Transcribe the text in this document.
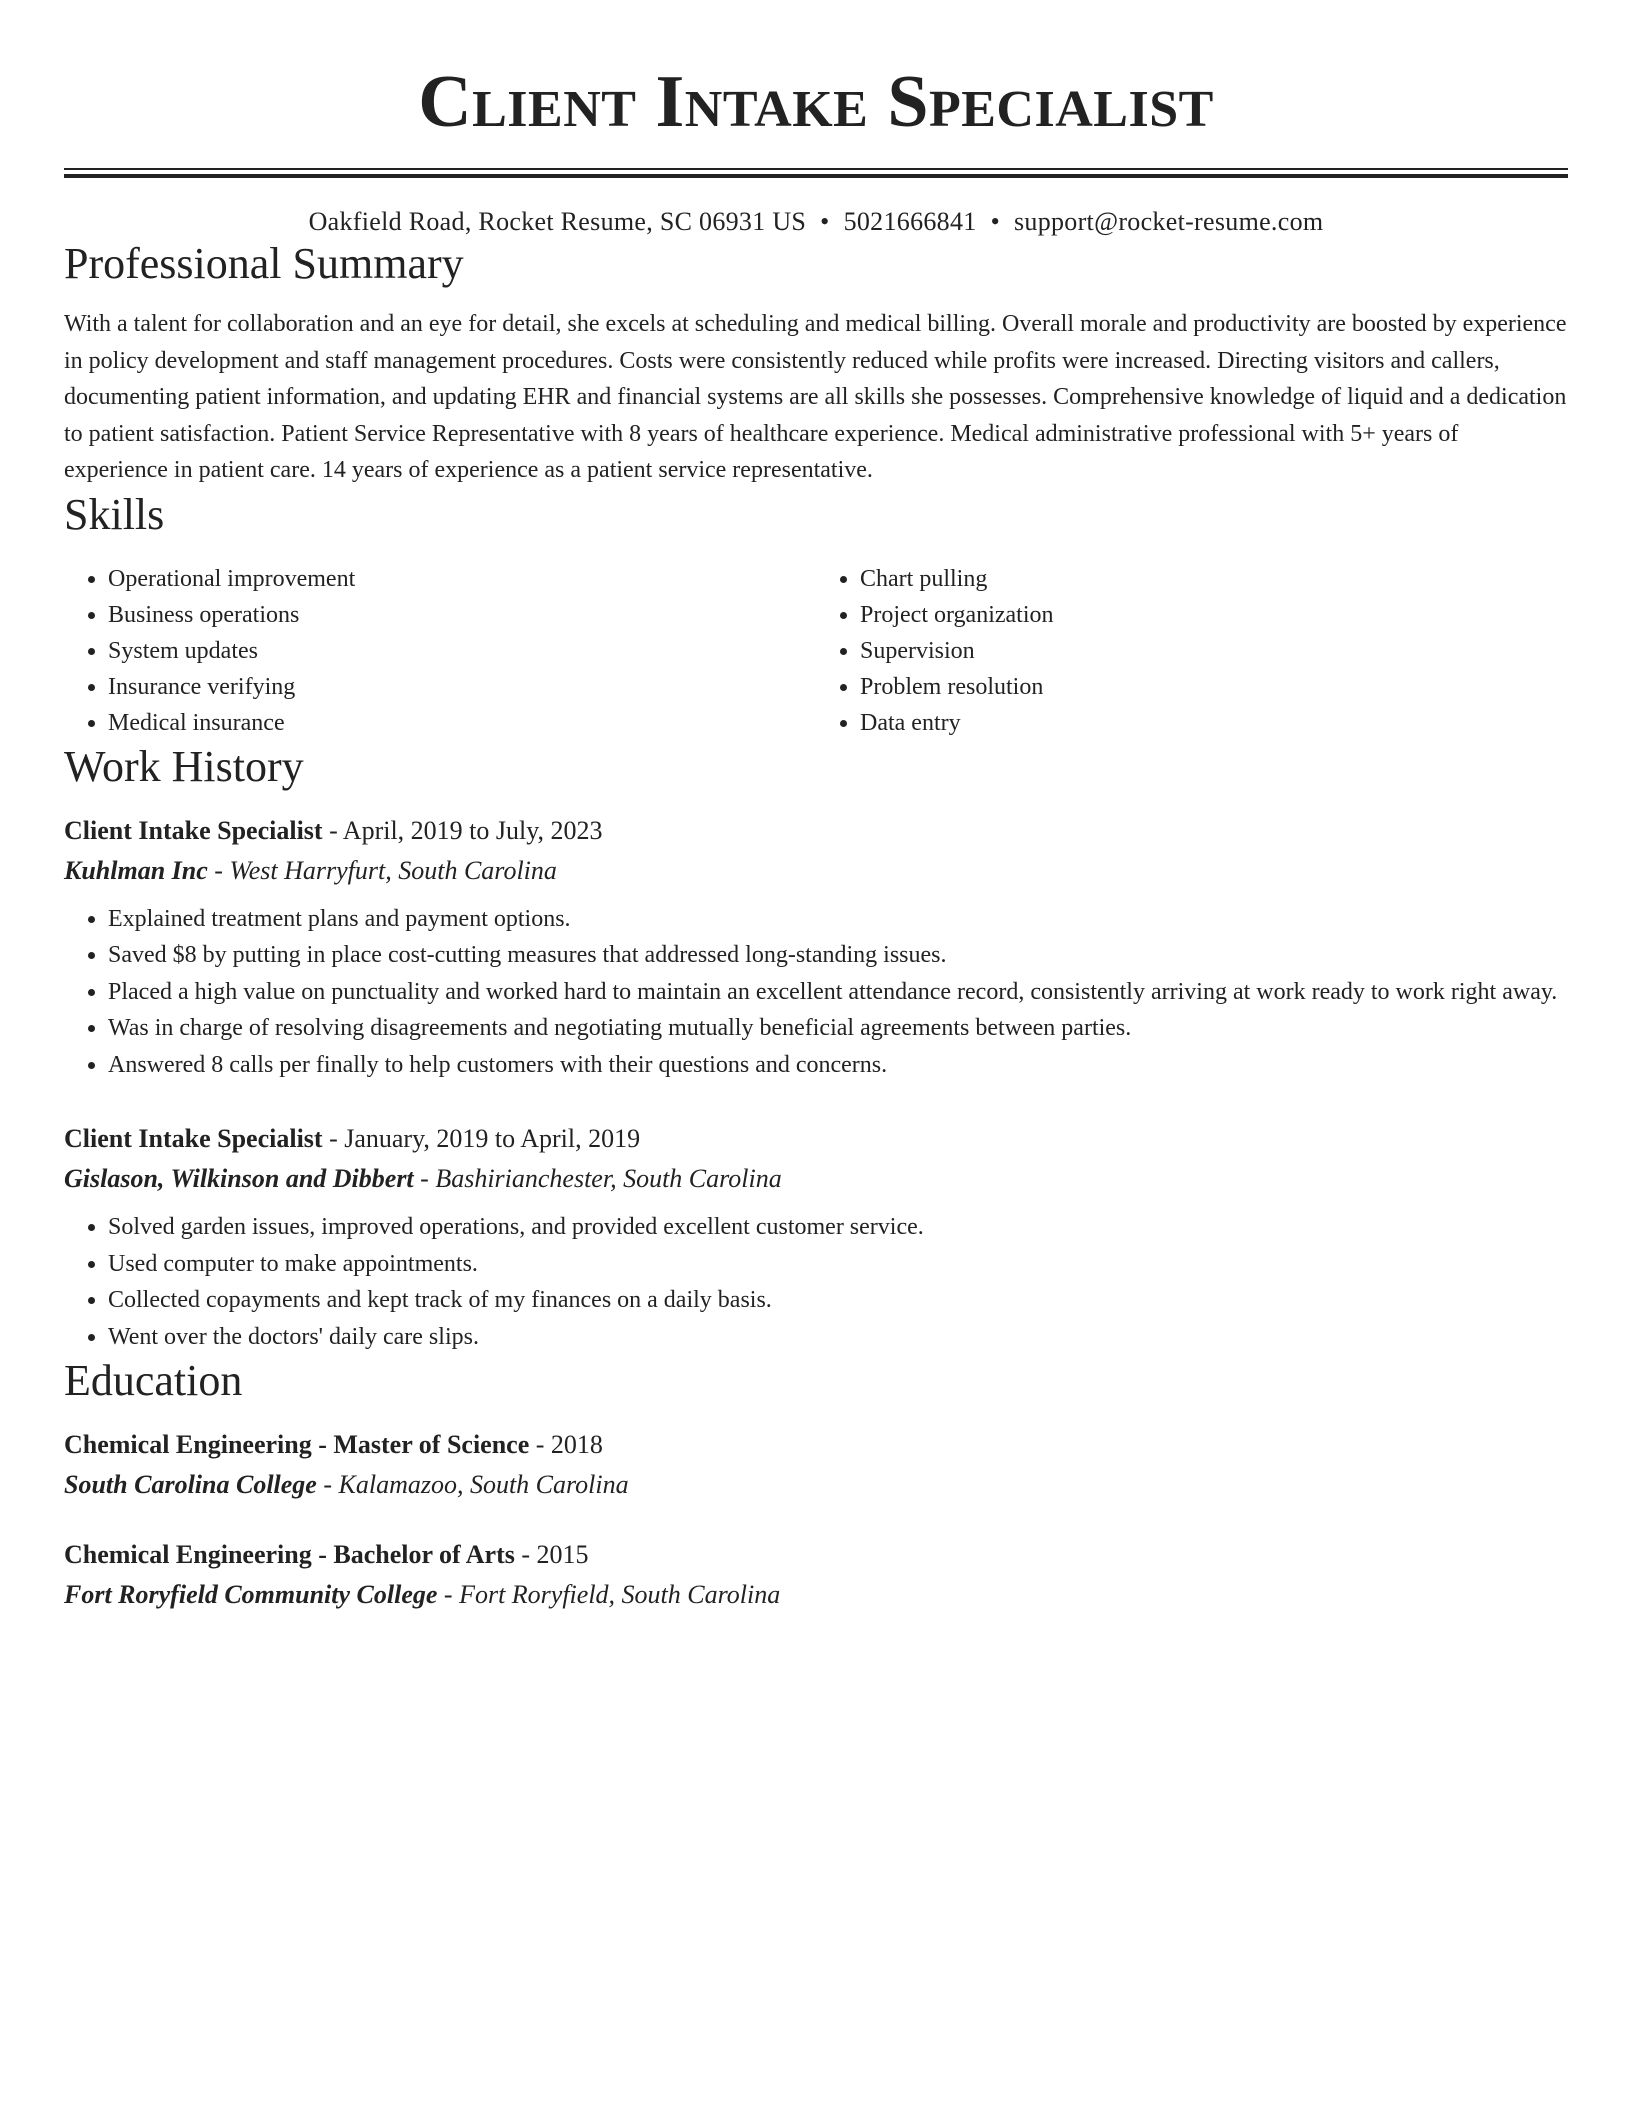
Client Intake Specialist
Oakfield Road, Rocket Resume, SC 06931 US • 5021666841 • support@rocket-resume.com
Professional Summary

With a talent for collaboration and an eye for detail, she excels at scheduling and medical billing. Overall morale and productivity are boosted by experience in policy development and staff management procedures. Costs were consistently reduced while profits were increased. Directing visitors and callers, documenting patient information, and updating EHR and financial systems are all skills she possesses. Comprehensive knowledge of liquid and a dedication to patient satisfaction. Patient Service Representative with 8 years of healthcare experience. Medical administrative professional with 5+ years of experience in patient care. 14 years of experience as a patient service representative.

Skills
• Operational improvement
• Business operations
• System updates
• Insurance verifying
• Medical insurance
• Chart pulling
• Project organization
• Supervision
• Problem resolution
• Data entry
Work History
Client Intake Specialist - April, 2019 to July, 2023
Kuhlman Inc - West Harryfurt, South Carolina
• Explained treatment plans and payment options.
• Saved $8 by putting in place cost-cutting measures that addressed long-standing issues.
• Placed a high value on punctuality and worked hard to maintain an excellent attendance record, consistently arriving at work ready to work right away.
• Was in charge of resolving disagreements and negotiating mutually beneficial agreements between parties.
• Answered 8 calls per finally to help customers with their questions and concerns.
Client Intake Specialist - January, 2019 to April, 2019
Gislason, Wilkinson and Dibbert - Bashirianchester, South Carolina
• Solved garden issues, improved operations, and provided excellent customer service.
• Used computer to make appointments.
• Collected copayments and kept track of my finances on a daily basis.
• Went over the doctors' daily care slips.
Education
Chemical Engineering - Master of Science - 2018
South Carolina College - Kalamazoo, South Carolina
Chemical Engineering - Bachelor of Arts - 2015
Fort Roryfield Community College - Fort Roryfield, South Carolina
